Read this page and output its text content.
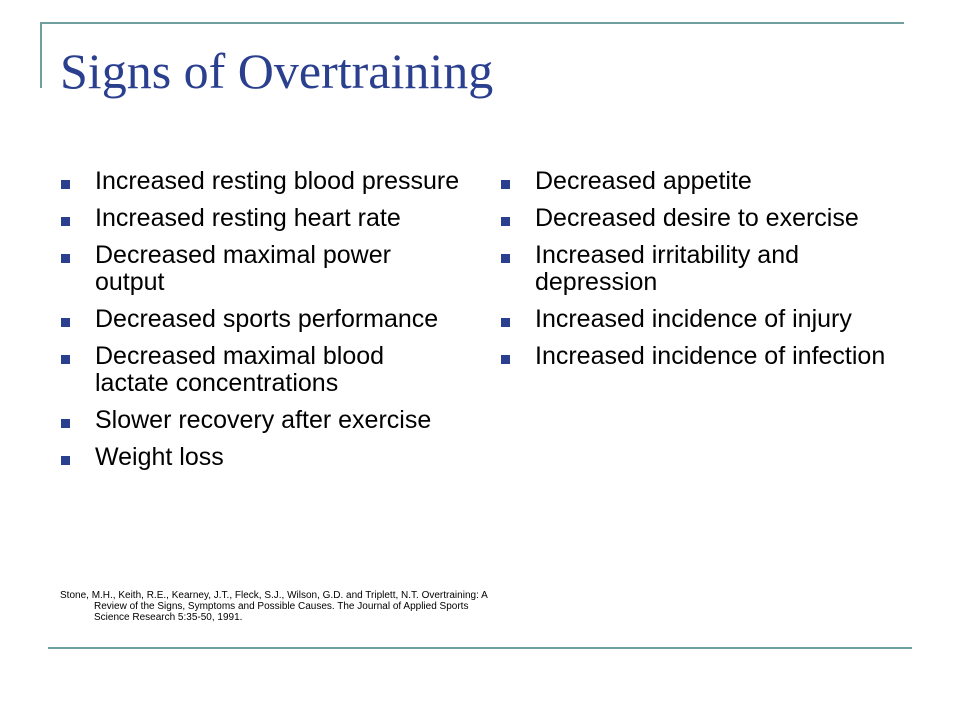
Signs of Overtraining
Increased resting blood pressure
Increased resting heart rate
Decreased maximal power output
Decreased sports performance
Decreased maximal blood lactate concentrations
Slower recovery after exercise
Weight loss
Decreased appetite
Decreased desire to exercise
Increased irritability and depression
Increased incidence of injury
Increased incidence of infection

Stone, M.H., Keith, R.E., Kearney, J.T., Fleck, S.J., Wilson, G.D. and Triplett, N.T. Overtraining: A Review of the Signs, Symptoms and Possible Causes. The Journal of Applied Sports Science Research 5:35-50, 1991.
